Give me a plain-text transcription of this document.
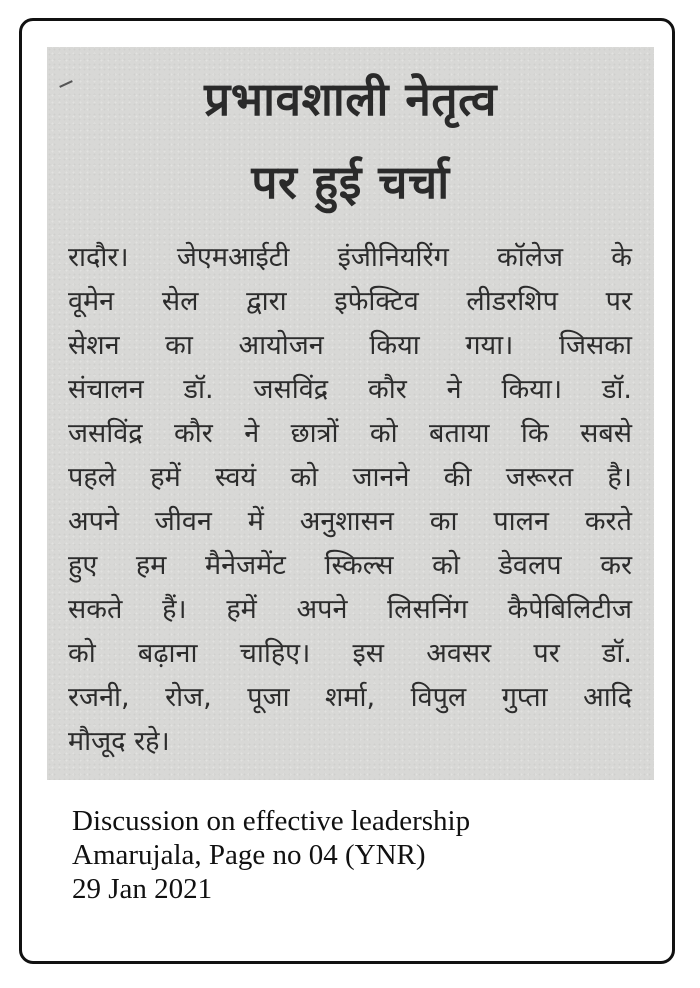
प्रभावशाली नेतृत्व
पर हुई चर्चा
रादौर। जेएमआईटी इंजीनियरिंग कॉलेज के
वूमेन सेल द्वारा इफेक्टिव लीडरशिप पर
सेशन का आयोजन किया गया। जिसका
संचालन डॉ. जसविंद्र कौर ने किया। डॉ.
जसविंद्र कौर ने छात्रों को बताया कि सबसे
पहले हमें स्वयं को जानने की जरूरत है।
अपने जीवन में अनुशासन का पालन करते
हुए हम मैनेजमेंट स्किल्स को डेवलप कर
सकते हैं। हमें अपने लिसनिंग कैपेबिलिटीज
को बढ़ाना चाहिए। इस अवसर पर डॉ.
रजनी, रोज, पूजा शर्मा, विपुल गुप्ता आदि
मौजूद रहे।
Discussion on effective leadership
Amarujala, Page no 04 (YNR)
29 Jan 2021
